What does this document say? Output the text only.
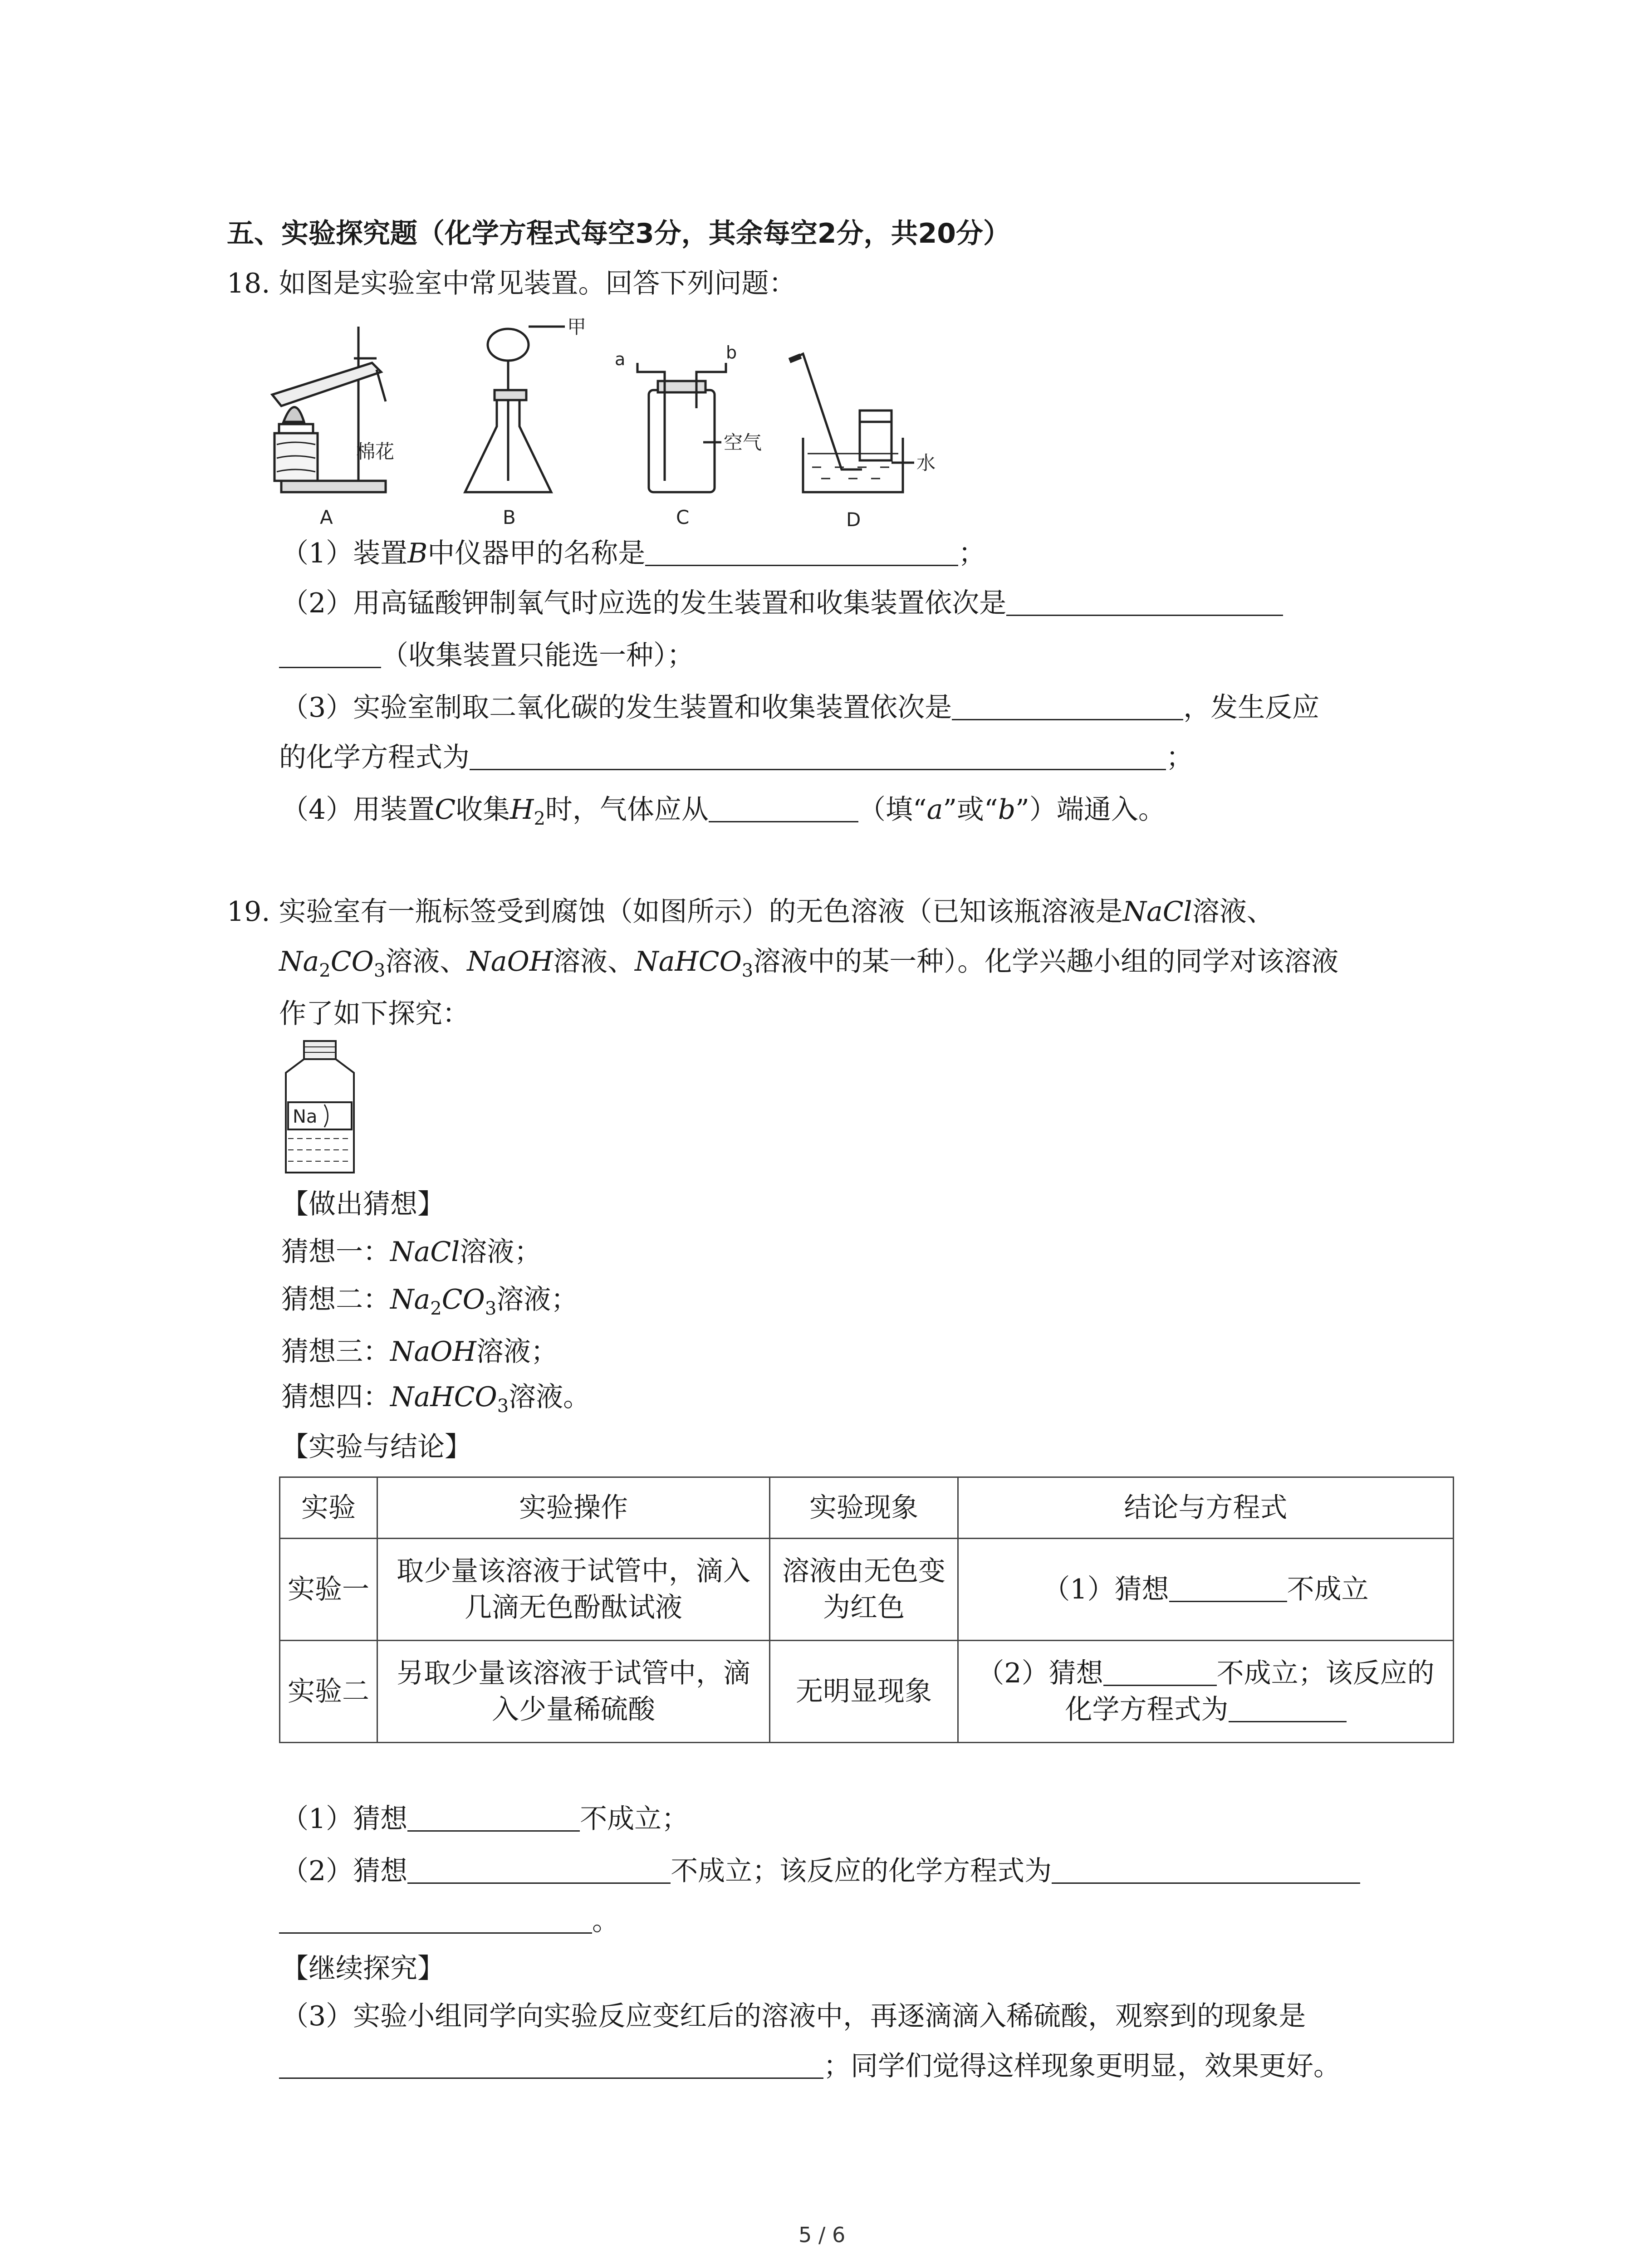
五、实验探究题（化学方程式每空3分，其余每空2分，共20分）
18. 如图是实验室中常见装置。回答下列问题：
棉花
A
甲
B
a	b
空气
C
水
D
（1）装置B中仪器甲的名称是	；
（2）用高锰酸钾制氧气时应选的发生装置和收集装置依次是
（收集装置只能选一种）；
（3）实验室制取二氧化碳的发生装置和收集装置依次是	，发生反应
的化学方程式为	；
（4）用装置C收集$H_2$时，气体应从	（填“a”或“b”）端通入。
19. 实验室有一瓶标签受到腐蚀（如图所示）的无色溶液（已知该瓶溶液是NaCl溶液、
$Na_2CO_3$溶液、NaOH溶液、NaHCO$_3$溶液中的某一种）。化学兴趣小组的同学对该溶液
作了如下探究：
Na
【做出猜想】
猜想一：NaCl溶液；
猜想二：$Na_2CO_3$溶液；
猜想三：NaOH溶液；
猜想四：NaHCO$_3$溶液。
【实验与结论】
实验	实验操作	实验现象	结论与方程式
实验一	取少量该溶液于试管中，滴入几滴无色酚酞试液	溶液由无色变为红色	（1）猜想 不成立
实验二	另取少量该溶液于试管中，滴入少量稀硫酸	无明显现象	（2）猜想 不成立；该反应的化学方程式为
（1）猜想	不成立；
（2）猜想	不成立；该反应的化学方程式为
。
【继续探究】
（3）实验小组同学向实验反应变红后的溶液中，再逐滴滴入稀硫酸，观察到的现象是
；同学们觉得这样现象更明显，效果更好。
5 / 6
